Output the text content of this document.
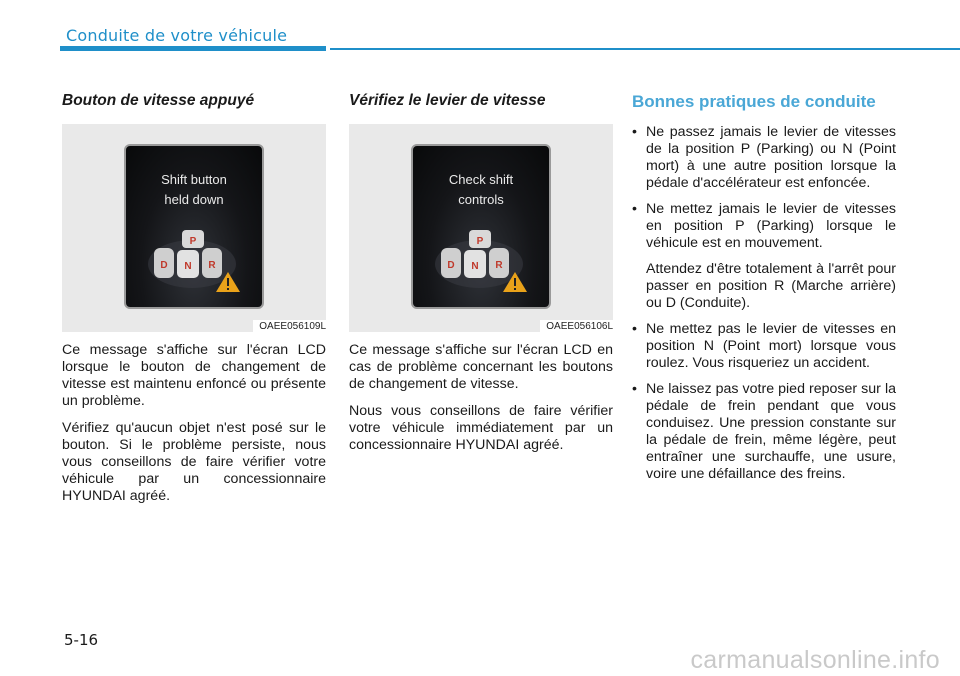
Conduite de votre véhicule
Bouton de vitesse appuyé
Shift button
held down
P
D N R
OAEE056109L

Ce message s'affiche sur l'écran LCD lorsque le bouton de changement de vitesse est maintenu enfoncé ou présente un problème.

Vérifiez qu'aucun objet n'est posé sur le bouton. Si le problème persiste, nous vous conseillons de faire vérifier votre véhicule par un concessionnaire HYUNDAI agréé.

Vérifiez le levier de vitesse
Check shift
controls
P
D N R
OAEE056106L

Ce message s'affiche sur l'écran LCD en cas de problème concernant les boutons de changement de vitesse.

Nous vous conseillons de faire vérifier votre véhicule immédiatement par un concessionnaire HYUNDAI agréé.

Bonnes pratiques de conduite
• Ne passez jamais le levier de vitesses de la position P (Parking) ou N (Point mort) à une autre position lorsque la pédale d'accélérateur est enfoncée.
• Ne mettez jamais le levier de vitesses en position P (Parking) lorsque le véhicule est en mouvement.
Attendez d'être totalement à l'arrêt pour passer en position R (Marche arrière) ou D (Conduite).
• Ne mettez pas le levier de vitesses en position N (Point mort) lorsque vous roulez. Vous risqueriez un accident.
• Ne laissez pas votre pied reposer sur la pédale de frein pendant que vous conduisez. Une pression constante sur la pédale de frein, même légère, peut entraîner une surchauffe, une usure, voire une défaillance des freins.
5-16
carmanualsonline.info
